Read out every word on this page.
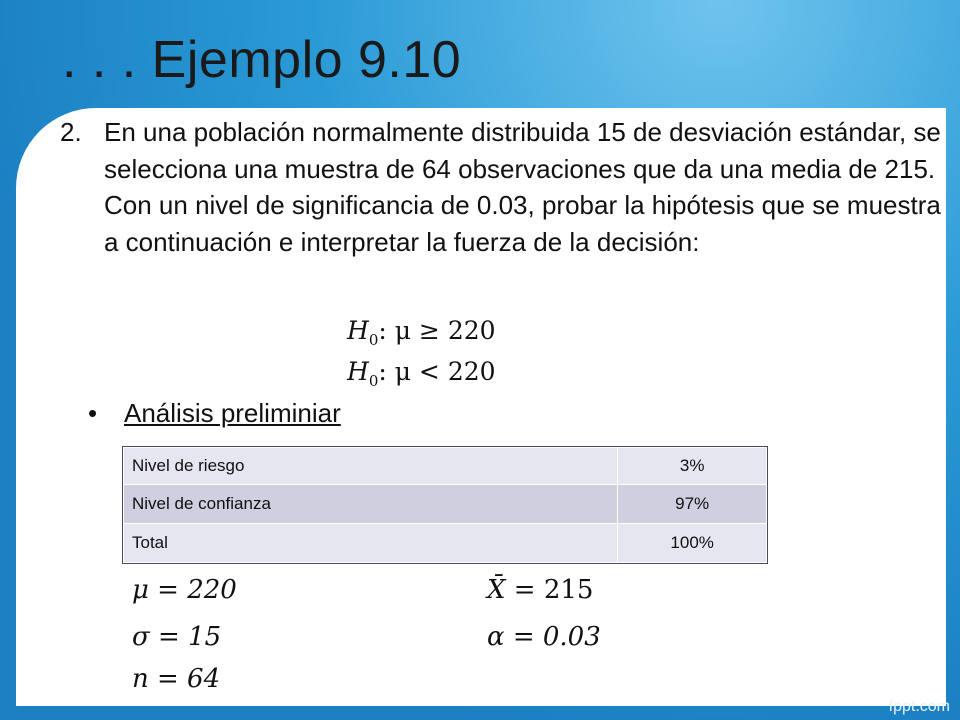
. . . Ejemplo 9.10
2. En una población normalmente distribuida 15 de desviación estándar, se selecciona una muestra de 64 observaciones que da una media de 215. Con un nivel de significancia de 0.03, probar la hipótesis que se muestra a continuación e interpretar la fuerza de la decisión:
$H_0$: μ ≥ 220
$H_0$: μ < 220
• Análisis preliminiar
Nivel de riesgo	3%
Nivel de confianza	97%
Total	100%
μ = 220	X̄ = 215
σ = 15	α = 0.03
n = 64
fppt.com
